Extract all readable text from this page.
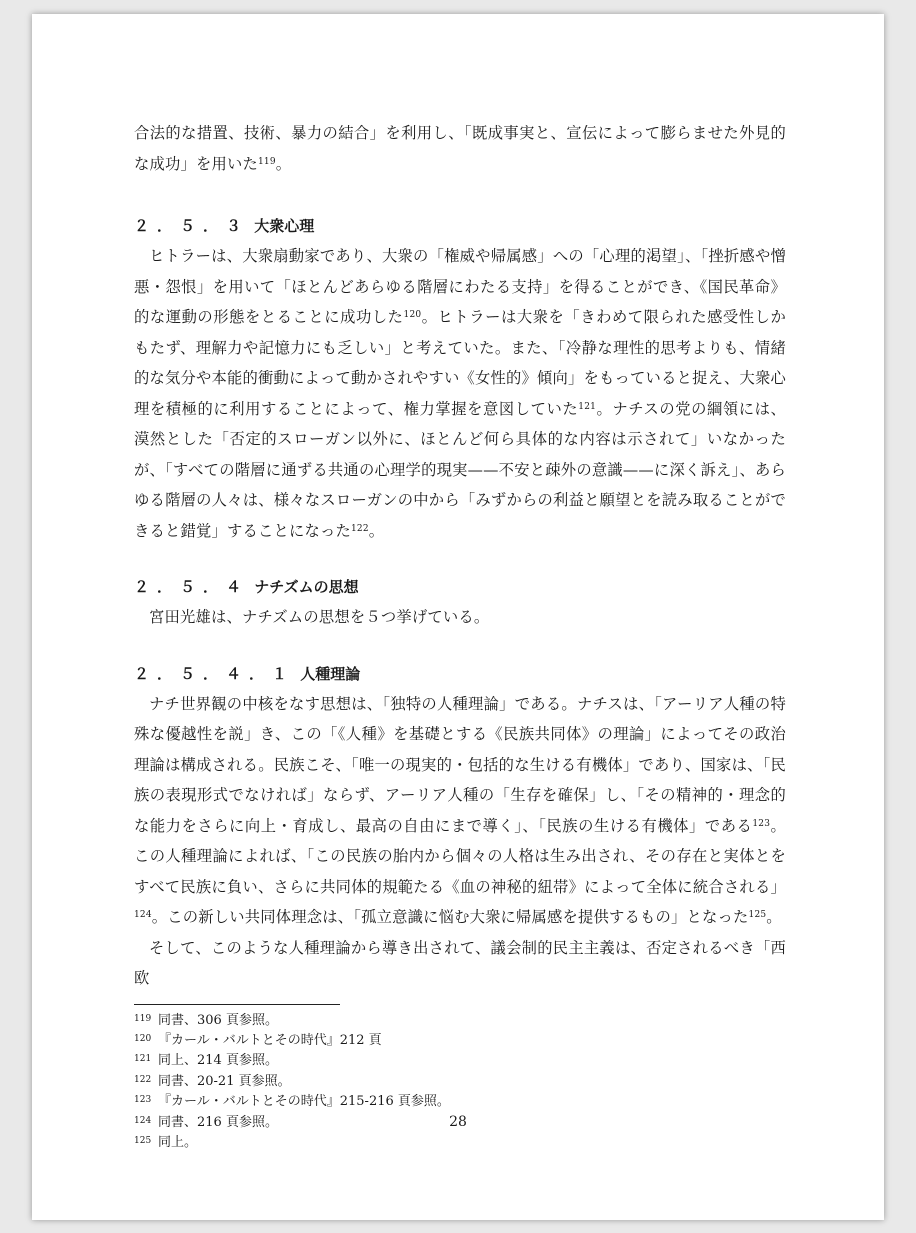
合法的な措置、技術、暴力の結合」を利用し、「既成事実と、宣伝によって膨らませた外見的な成功」を用いた$^{119}$。

２．５．３ 大衆心理

ヒトラーは、大衆扇動家であり、大衆の「権威や帰属感」への「心理的渇望」、「挫折感や憎悪・怨恨」を用いて「ほとんどあらゆる階層にわたる支持」を得ることができ、《国民革命》的な運動の形態をとることに成功した$^{120}$。ヒトラーは大衆を「きわめて限られた感受性しかもたず、理解力や記憶力にも乏しい」と考えていた。また、「冷静な理性的思考よりも、情緒的な気分や本能的衝動によって動かされやすい《女性的》傾向」をもっていると捉え、大衆心理を積極的に利用することによって、権力掌握を意図していた$^{121}$。ナチスの党の綱領には、漠然とした「否定的スローガン以外に、ほとんど何ら具体的な内容は示されて」いなかったが、「すべての階層に通ずる共通の心理学的現実——不安と疎外の意識——に深く訴え」、あらゆる階層の人々は、様々なスローガンの中から「みずからの利益と願望とを読み取ることができると錯覚」することになった$^{122}$。

２．５．４ ナチズムの思想

宮田光雄は、ナチズムの思想を５つ挙げている。

２．５．４．１ 人種理論

ナチ世界観の中核をなす思想は、「独特の人種理論」である。ナチスは、「アーリア人種の特殊な優越性を説」き、この「《人種》を基礎とする《民族共同体》の理論」によってその政治理論は構成される。民族こそ、「唯一の現実的・包括的な生ける有機体」であり、国家は、「民族の表現形式でなければ」ならず、アーリア人種の「生存を確保」し、「その精神的・理念的な能力をさらに向上・育成し、最高の自由にまで導く」、「民族の生ける有機体」である$^{123}$。この人種理論によれば、「この民族の胎内から個々の人格は生み出され、その存在と実体とをすべて民族に負い、さらに共同体的規範たる《血の神秘的紐帯》によって全体に統合される」$^{124}$。この新しい共同体理念は、「孤立意識に悩む大衆に帰属感を提供するもの」となった$^{125}$。

そして、このような人種理論から導き出されて、議会制的民主主義は、否定されるべき「西欧

119 同書、306 頁参照。

120 『カール・バルトとその時代』212 頁

121 同上、214 頁参照。

122 同書、20-21 頁参照。

123 『カール・バルトとその時代』215-216 頁参照。

124 同書、216 頁参照。

125 同上。

28
